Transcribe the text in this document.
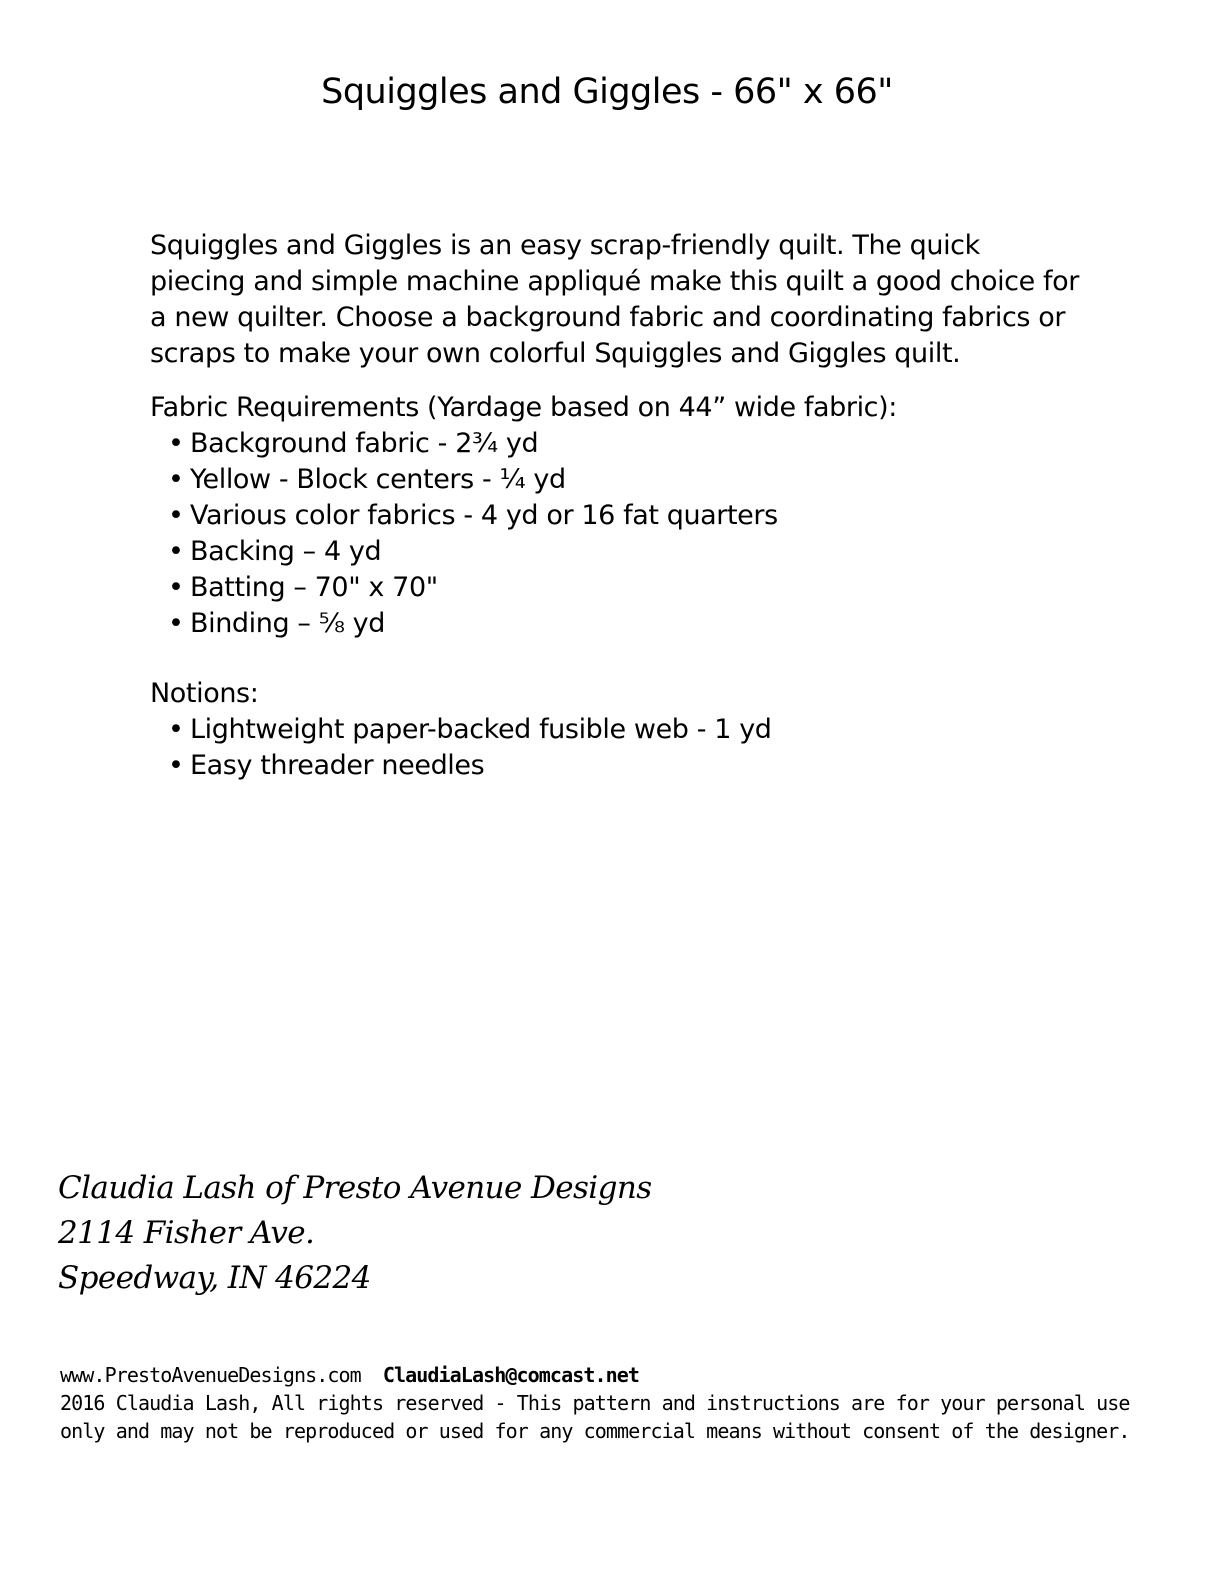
Squiggles and Giggles - 66" x 66"

Squiggles and Giggles is an easy scrap-friendly quilt. The quick piecing and simple machine appliqué make this quilt a good choice for a new quilter. Choose a background fabric and coordinating fabrics or scraps to make your own colorful Squiggles and Giggles quilt.

Fabric Requirements (Yardage based on 44” wide fabric):

• Background fabric - 2¾ yd
• Yellow - Block centers - ¼ yd
• Various color fabrics - 4 yd or 16 fat quarters
• Backing – 4 yd
• Batting – 70" x 70"
• Binding – ⅝ yd

Notions:

• Lightweight paper-backed fusible web - 1 yd
• Easy threader needles
Claudia Lash of Presto Avenue Designs
2114 Fisher Ave.
Speedway, IN 46224
www.PrestoAvenueDesigns.com ClaudiaLash@comcast.net

2016 Claudia Lash, All rights reserved - This pattern and instructions are for your personal use only and may not be reproduced or used for any commercial means without consent of the designer.
